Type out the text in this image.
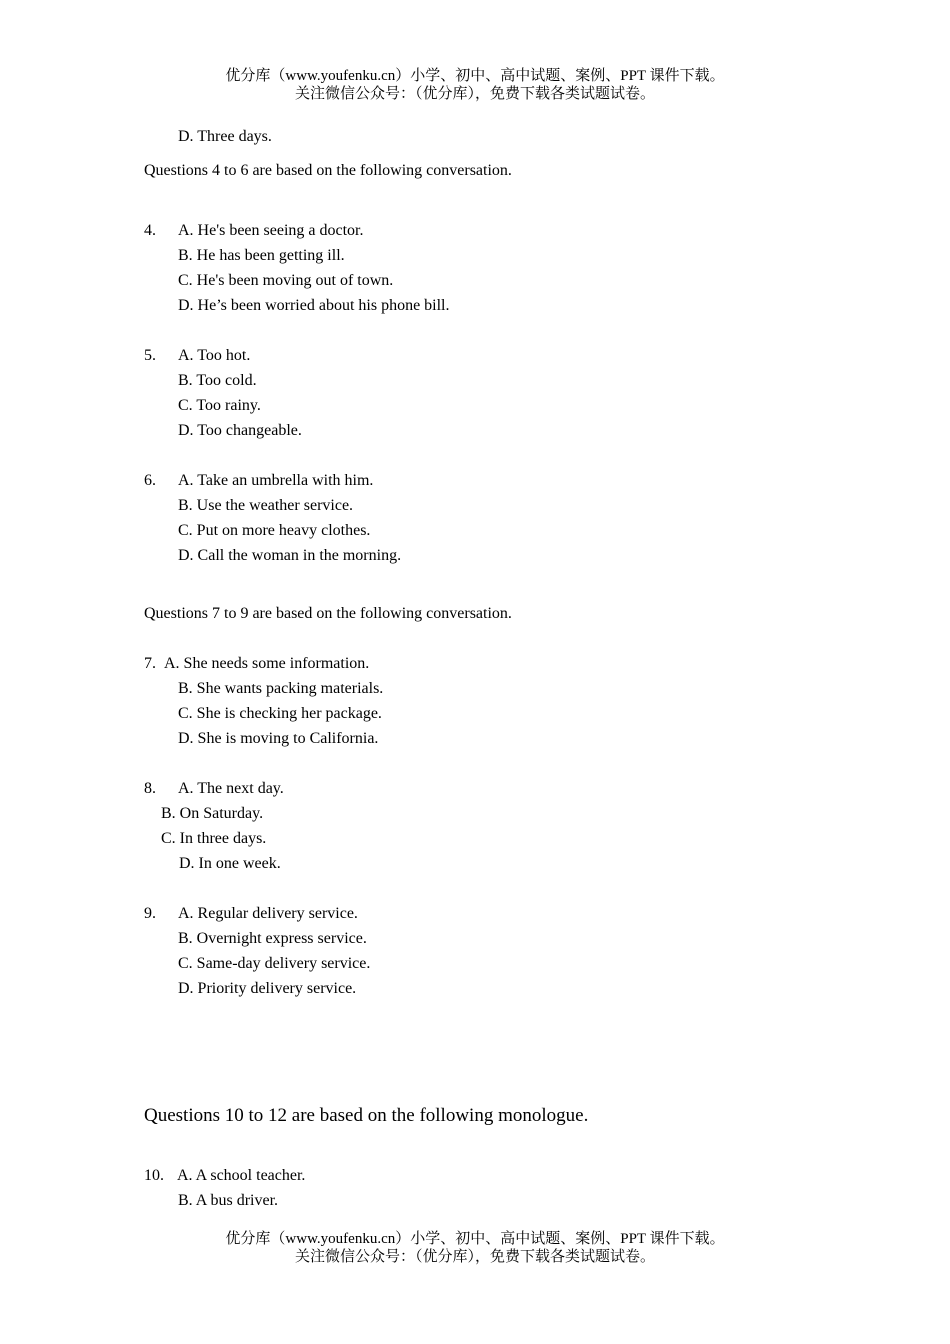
优分库（www.youfenku.cn）小学、初中、高中试题、案例、PPT 课件下载。
关注微信公众号：（优分库），免费下载各类试题试卷。
D. Three days.
Questions 4 to 6 are based on the following conversation.
4. A. He's been seeing a doctor.
B. He has been getting ill.
C. He's been moving out of town.
D. He’s been worried about his phone bill.
5. A. Too hot.
B. Too cold.
C. Too rainy.
D. Too changeable.
6. A. Take an umbrella with him.
B. Use the weather service.
C. Put on more heavy clothes.
D. Call the woman in the morning.
Questions 7 to 9 are based on the following conversation.
7. A. She needs some information.
B. She wants packing materials.
C. She is checking her package.
D. She is moving to California.
8. A. The next day.
B. On Saturday.
C. In three days.
D. In one week.
9. A. Regular delivery service.
B. Overnight express service.
C. Same-day delivery service.
D. Priority delivery service.
Questions 10 to 12 are based on the following monologue.
10. A. A school teacher.
B. A bus driver.
优分库（www.youfenku.cn）小学、初中、高中试题、案例、PPT 课件下载。
关注微信公众号：（优分库），免费下载各类试题试卷。
